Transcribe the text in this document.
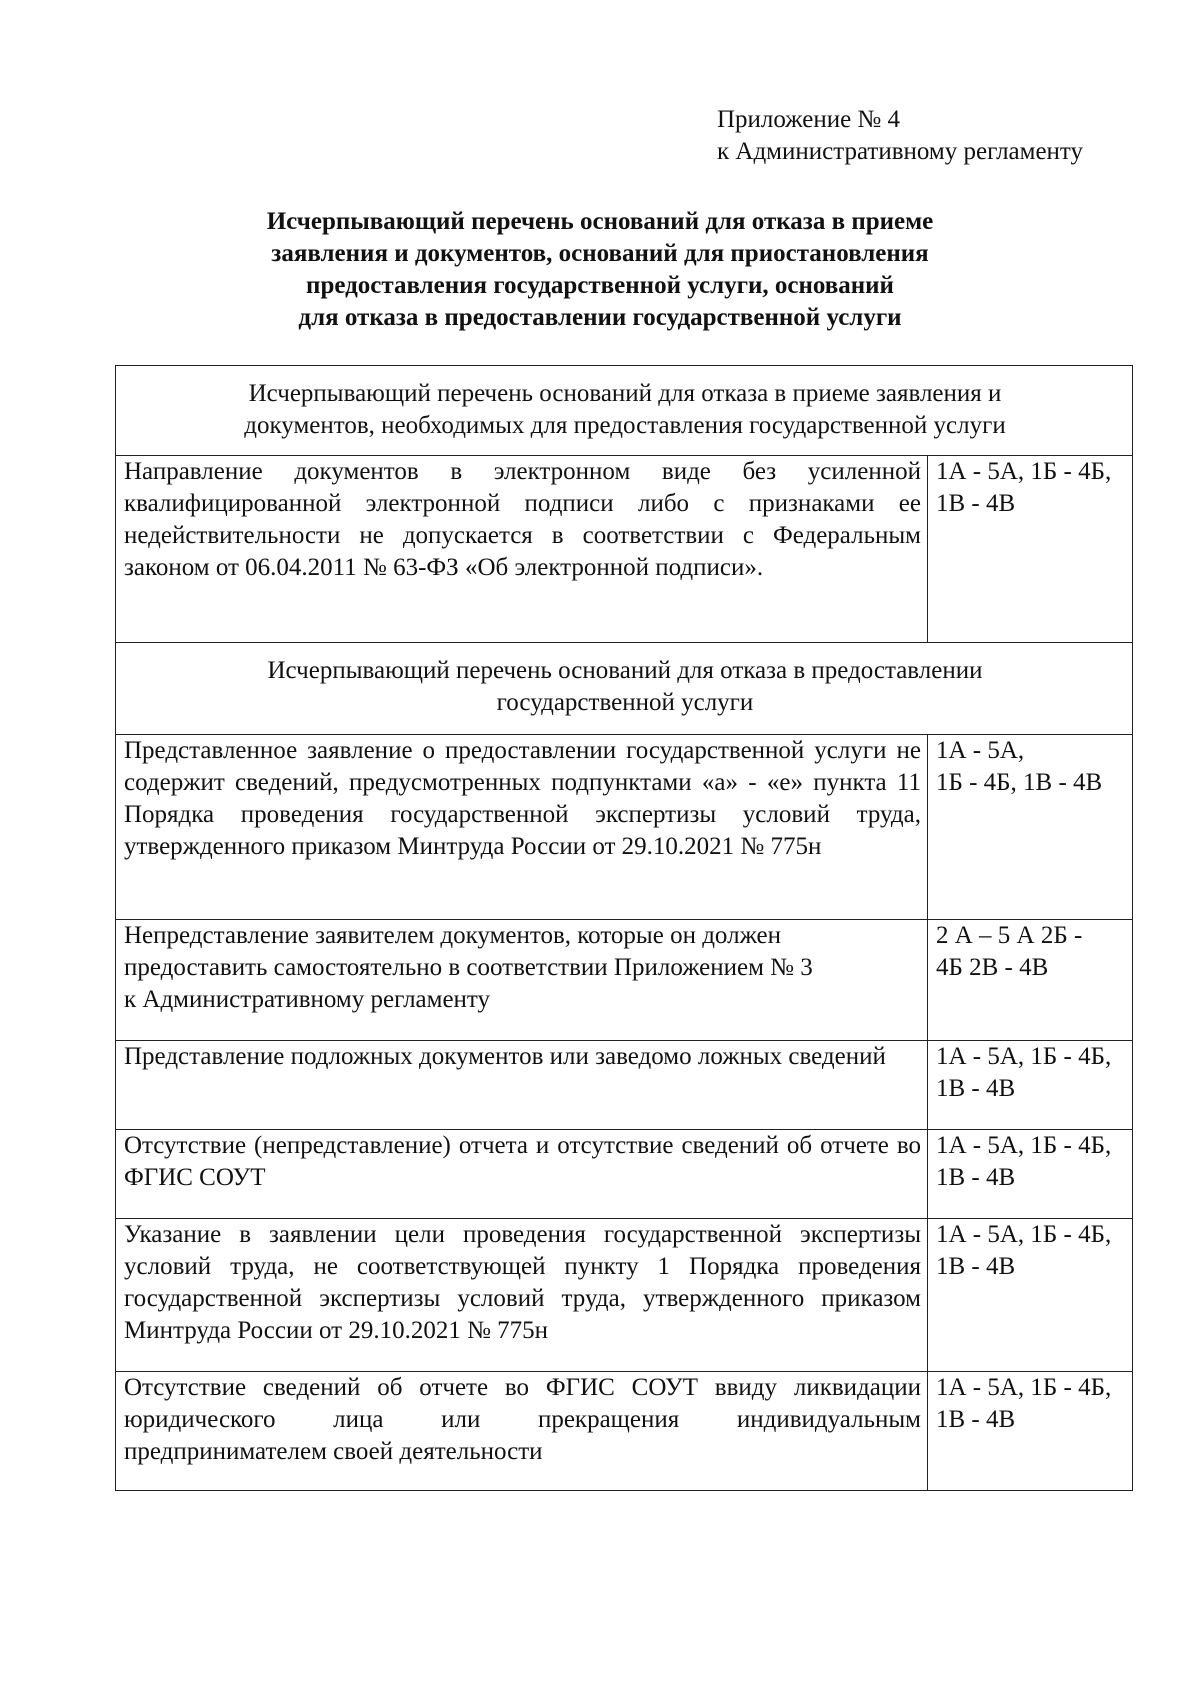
Приложение № 4
к Административному регламенту
Исчерпывающий перечень оснований для отказа в приеме
заявления и документов, оснований для приостановления
предоставления государственной услуги, оснований
для отказа в предоставлении государственной услуги
Исчерпывающий перечень оснований для отказа в приеме заявления и
документов, необходимых для предоставления государственной услуги	

Направление документов в электронном виде без усиленной квалифицированной электронной подписи либо с признаками ее недействительности не допускается в соответствии с Федеральным законом от 06.04.2011 № 63-ФЗ «Об электронной подписи».	1А - 5А, 1Б - 4Б, 1В - 4В

Исчерпывающий перечень оснований для отказа в предоставлении
государственной услуги	

Представленное заявление о предоставлении государственной услуги не содержит сведений, предусмотренных подпунктами «а» - «е» пункта 11 Порядка проведения государственной экспертизы условий труда, утвержденного приказом Минтруда России от 29.10.2021 № 775н	1А - 5А,
1Б - 4Б, 1В - 4В

Непредставление заявителем документов, которые он должен
предоставить самостоятельно в соответствии Приложением № 3
к Административному регламенту	2 А – 5 А 2Б -
4Б 2В - 4В

Представление подложных документов или заведомо ложных сведений	1А - 5А, 1Б - 4Б, 1В - 4В
Отсутствие (непредставление) отчета и отсутствие сведений об отчете во ФГИС СОУТ	1А - 5А, 1Б - 4Б, 1В - 4В
Указание в заявлении цели проведения государственной экспертизы условий труда, не соответствующей пункту 1 Порядка проведения государственной экспертизы условий труда, утвержденного приказом Минтруда России от 29.10.2021 № 775н	1А - 5А, 1Б - 4Б, 1В - 4В
Отсутствие сведений об отчете во ФГИС СОУТ ввиду ликвидации юридического лица или прекращения индивидуальным предпринимателем своей деятельности	1А - 5А, 1Б - 4Б, 1В - 4В
